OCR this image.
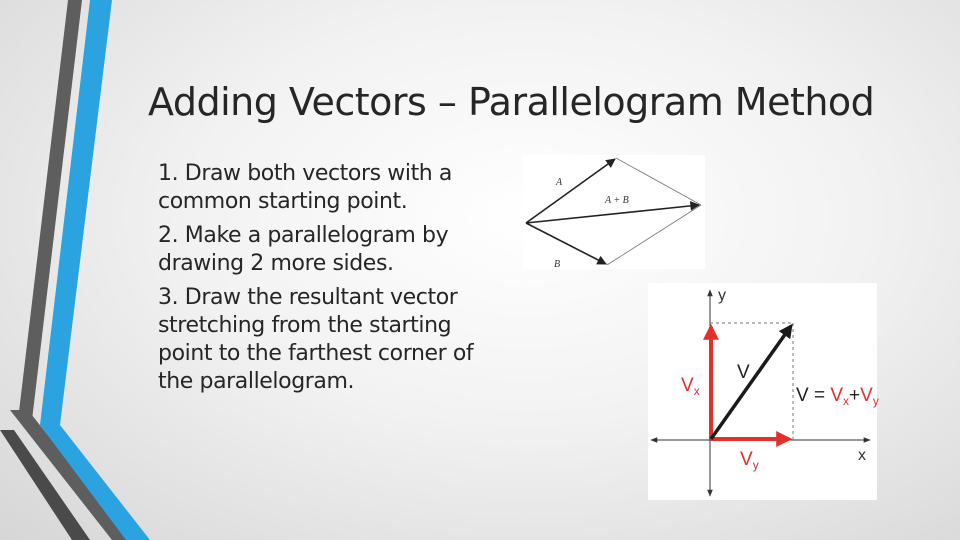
Adding Vectors – Parallelogram Method

1. Draw both vectors with a common starting point.

2. Make a parallelogram by drawing 2 more sides.

3. Draw the resultant vector stretching from the starting point to the farthest corner of the parallelogram.

A
A + B
B
y
x
V
$V_x$
$V_y$
$V = V_x+V_y$
